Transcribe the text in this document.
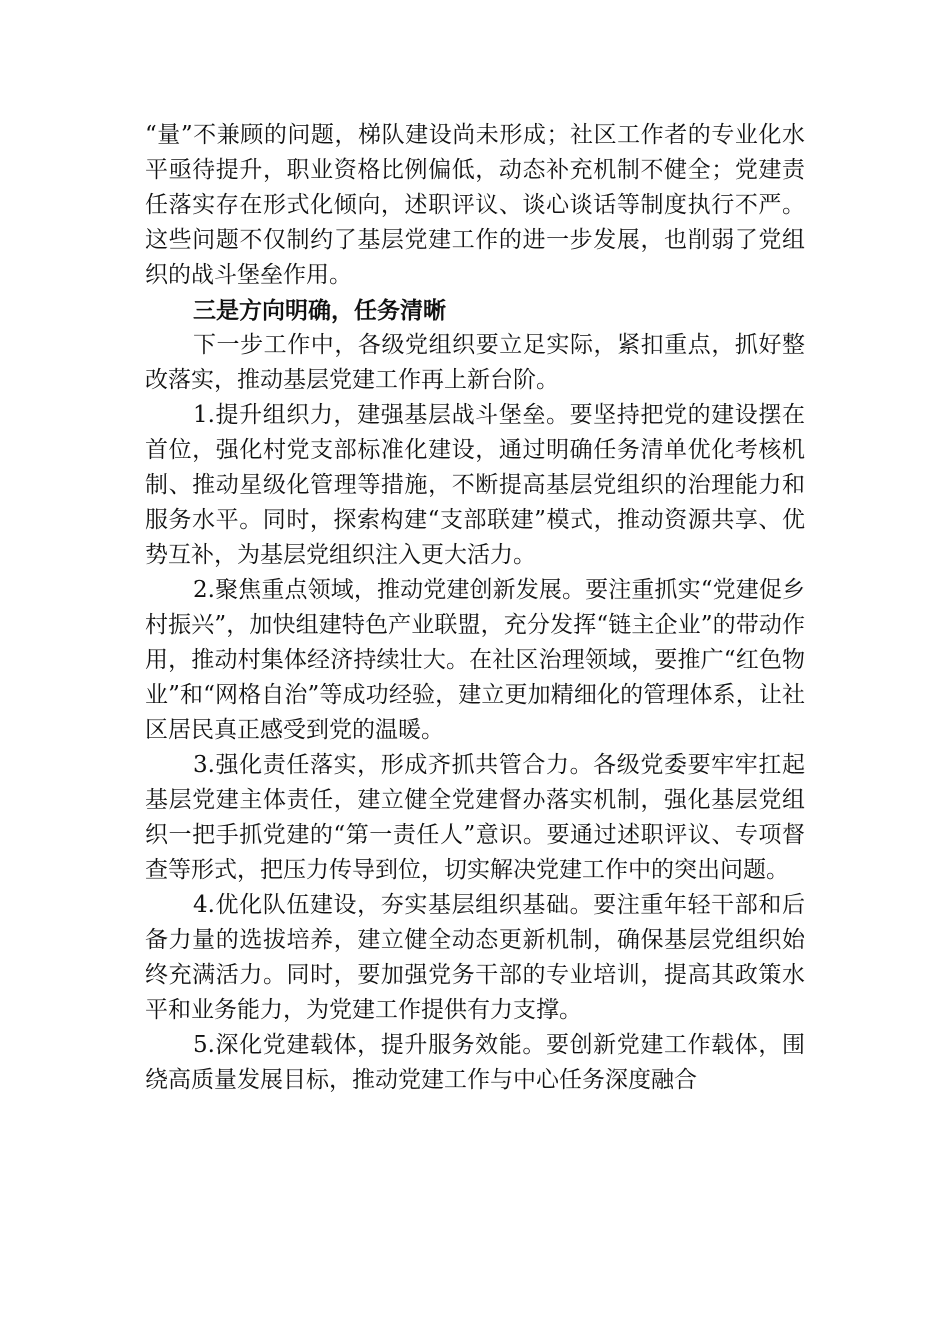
“量”不兼顾的问题，梯队建设尚未形成；社区工作者的专业化水平亟待提升，职业资格比例偏低，动态补充机制不健全；党建责任落实存在形式化倾向，述职评议、谈心谈话等制度执行不严。这些问题不仅制约了基层党建工作的进一步发展，也削弱了党组织的战斗堡垒作用。

三是方向明确，任务清晰

下一步工作中，各级党组织要立足实际，紧扣重点，抓好整改落实，推动基层党建工作再上新台阶。

1.提升组织力，建强基层战斗堡垒。要坚持把党的建设摆在首位，强化村党支部标准化建设，通过明确任务清单优化考核机制、推动星级化管理等措施，不断提高基层党组织的治理能力和服务水平。同时，探索构建“支部联建”模式，推动资源共享、优势互补，为基层党组织注入更大活力。

2.聚焦重点领域，推动党建创新发展。要注重抓实“党建促乡村振兴”，加快组建特色产业联盟，充分发挥“链主企业”的带动作用，推动村集体经济持续壮大。在社区治理领域，要推广“红色物业”和“网格自治”等成功经验，建立更加精细化的管理体系，让社区居民真正感受到党的温暖。

3.强化责任落实，形成齐抓共管合力。各级党委要牢牢扛起基层党建主体责任，建立健全党建督办落实机制，强化基层党组织一把手抓党建的“第一责任人”意识。要通过述职评议、专项督查等形式，把压力传导到位，切实解决党建工作中的突出问题。

4.优化队伍建设，夯实基层组织基础。要注重年轻干部和后备力量的选拔培养，建立健全动态更新机制，确保基层党组织始终充满活力。同时，要加强党务干部的专业培训，提高其政策水平和业务能力，为党建工作提供有力支撑。

5.深化党建载体，提升服务效能。要创新党建工作载体，围绕高质量发展目标，推动党建工作与中心任务深度融合
